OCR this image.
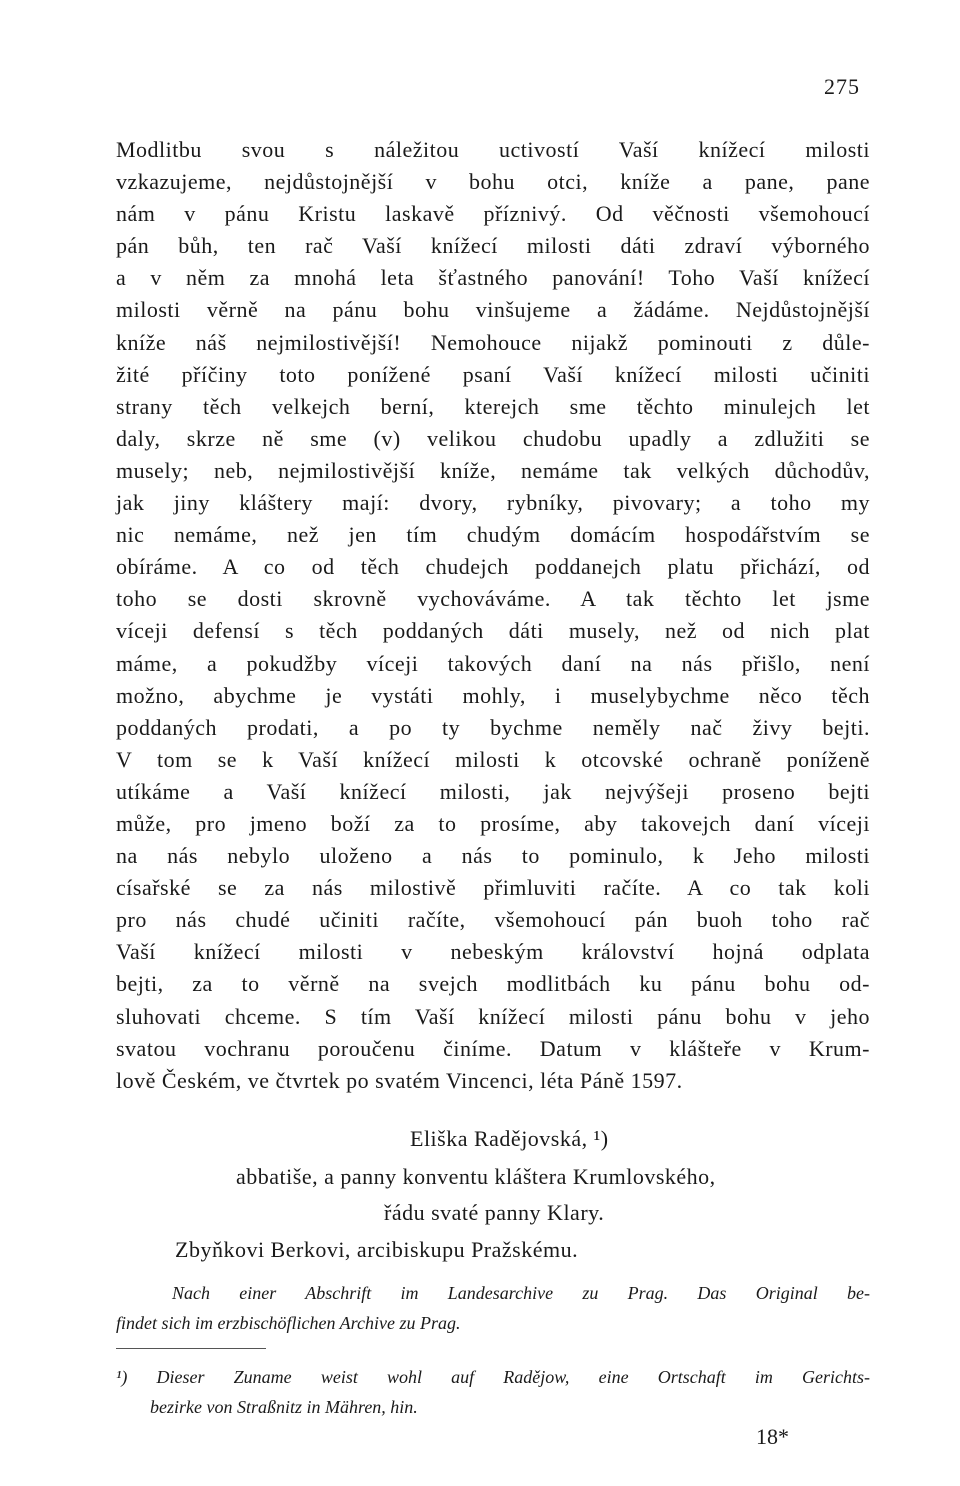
275
Modlitbu svou s náležitou uctivostí Vaší knížecí milosti
vzkazujeme, nejdůstojnější v bohu otci, kníže a pane, pane
nám v pánu Kristu laskavě příznivý. Od věčnosti všemohoucí
pán bůh, ten rač Vaší knížecí milosti dáti zdraví výborného
a v něm za mnohá leta šťastného panování! Toho Vaší knížecí
milosti věrně na pánu bohu vinšujeme a žádáme. Nejdůstojnější
kníže náš nejmilostivější! Nemohouce nijakž pominouti z důle-
žité příčiny toto ponížené psaní Vaší knížecí milosti učiniti
strany těch velkejch berní, kterejch sme těchto minulejch let
daly, skrze ně sme (v) velikou chudobu upadly a zdlužiti se
musely; neb, nejmilostivější kníže, nemáme tak velkých důchodův,
jak jiny kláštery mají: dvory, rybníky, pivovary; a toho my
nic nemáme, než jen tím chudým domácím hospodářstvím se
obíráme. A co od těch chudejch poddanejch platu přichází, od
toho se dosti skrovně vychováváme. A tak těchto let jsme
víceji defensí s těch poddaných dáti musely, než od nich plat
máme, a pokudžby víceji takových daní na nás přišlo, není
možno, abychme je vystáti mohly, i muselybychme něco těch
poddaných prodati, a po ty bychme neměly nač živy bejti.
V tom se k Vaší knížecí milosti k otcovské ochraně poníženě
utíkáme a Vaší knížecí milosti, jak nejvýšeji proseno bejti
může, pro jmeno boží za to prosíme, aby takovejch daní víceji
na nás nebylo uloženo a nás to pominulo, k Jeho milosti
císařské se za nás milostivě přimluviti račíte. A co tak koli
pro nás chudé učiniti račíte, všemohoucí pán buoh toho rač
Vaší knížecí milosti v nebeským království hojná odplata
bejti, za to věrně na svejch modlitbách ku pánu bohu od-
sluhovati chceme. S tím Vaší knížecí milosti pánu bohu v jeho
svatou vochranu poroučenu činíme. Datum v klášteře v Krum-
lově Českém, ve čtvrtek po svatém Vincenci, léta Páně 1597.
Eliška Radějovská, ¹)
abbatiše, a panny konventu kláštera Krumlovského,
řádu svaté panny Klary.
Zbyňkovi Berkovi, arcibiskupu Pražskému.
Nach einer Abschrift im Landesarchive zu Prag. Das Original be-
findet sich im erzbischöflichen Archive zu Prag.
¹) Dieser Zuname weist wohl auf Radějow, eine Ortschaft im Gerichts-
bezirke von Straßnitz in Mähren, hin.
18*
